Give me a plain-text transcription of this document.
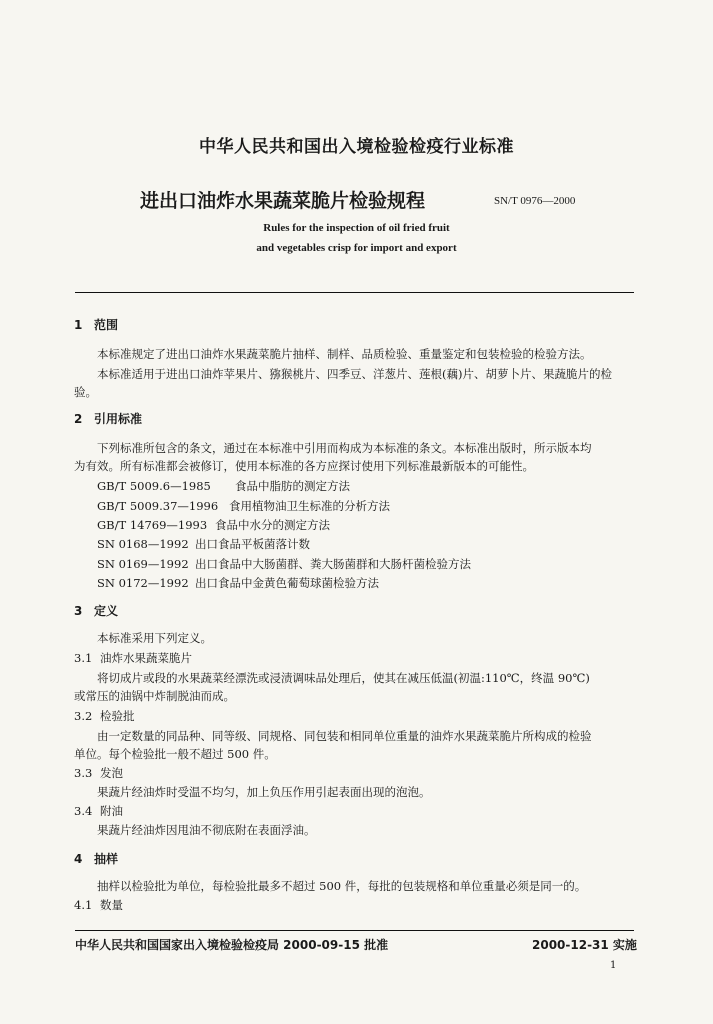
中华人民共和国出入境检验检疫行业标准
进出口油炸水果蔬菜脆片检验规程	SN/T 0976—2000
Rules for the inspection of oil fried fruit
and vegetables crisp for import and export
1 范围
本标准规定了进出口油炸水果蔬菜脆片抽样、制样、品质检验、重量鉴定和包装检验的检验方法。
本标准适用于进出口油炸苹果片、猕猴桃片、四季豆、洋葱片、莲根(藕)片、胡萝卜片、果蔬脆片的检
验。
2 引用标准
下列标准所包含的条文，通过在本标准中引用而构成为本标准的条文。本标准出版时，所示版本均
为有效。所有标准都会被修订，使用本标准的各方应探讨使用下列标准最新版本的可能性。
GB/T 5009.6—1985 食品中脂肪的测定方法
GB/T 5009.37—1996 食用植物油卫生标准的分析方法
GB/T 14769—1993 食品中水分的测定方法
SN 0168—1992 出口食品平板菌落计数
SN 0169—1992 出口食品中大肠菌群、粪大肠菌群和大肠杆菌检验方法
SN 0172—1992 出口食品中金黄色葡萄球菌检验方法
3 定义
本标准采用下列定义。
3.1 油炸水果蔬菜脆片
将切成片或段的水果蔬菜经漂洗或浸渍调味品处理后，使其在减压低温(初温:110℃，终温 90℃)
或常压的油锅中炸制脱油而成。
3.2 检验批
由一定数量的同品种、同等级、同规格、同包装和相同单位重量的油炸水果蔬菜脆片所构成的检验
单位。每个检验批一般不超过 500 件。
3.3 发泡
果蔬片经油炸时受温不均匀，加上负压作用引起表面出现的泡泡。
3.4 附油
果蔬片经油炸因甩油不彻底附在表面浮油。
4 抽样
抽样以检验批为单位，每检验批最多不超过 500 件，每批的包装规格和单位重量必须是同一的。
4.1 数量
中华人民共和国国家出入境检验检疫局 2000-09-15 批准	2000-12-31 实施
1
